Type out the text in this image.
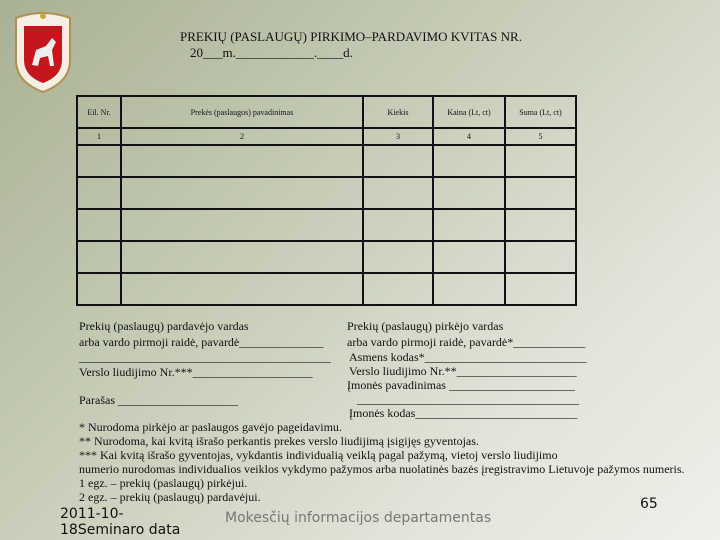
PREKIŲ (PASLAUGŲ) PIRKIMO–PARDAVIMO KVITAS NR.
20___m.____________.____d.
Eil. Nr.	Prekės (paslaugos) pavadinimas	Kiekis	Kaina (Lt, ct)	Suma (Lt, ct)
1	2	3	4	5

Prekių (paslaugų) pardavėjo vardas
arba vardo pirmoji raidė, pavardė______________
__________________________________________
Verslo liudijimo Nr.***____________________
Parašas ____________________
Prekių (paslaugų) pirkėjo vardas
arba vardo pirmoji raidė, pavardė*____________
Asmens kodas*___________________________
Verslo liudijimo Nr.**____________________
Įmonės pavadinimas _____________________
_____________________________________
Įmonės kodas___________________________
* Nurodoma pirkėjo ar paslaugos gavėjo pageidavimu.
** Nurodoma, kai kvitą išrašo perkantis prekes verslo liudijimą įsigijęs gyventojas.
*** Kai kvitą išrašo gyventojas, vykdantis individualią veiklą pagal pažymą, vietoj verslo liudijimo
numerio nurodomas individualios veiklos vykdymo pažymos arba nuolatinės bazės įregistravimo Lietuvoje pažymos numeris.
1 egz. – prekių (paslaugų) pirkėjui.
2 egz. – prekių (paslaugų) pardavėjui.
2011-10-
18Seminaro data
Mokesčių informacijos departamentas
65
